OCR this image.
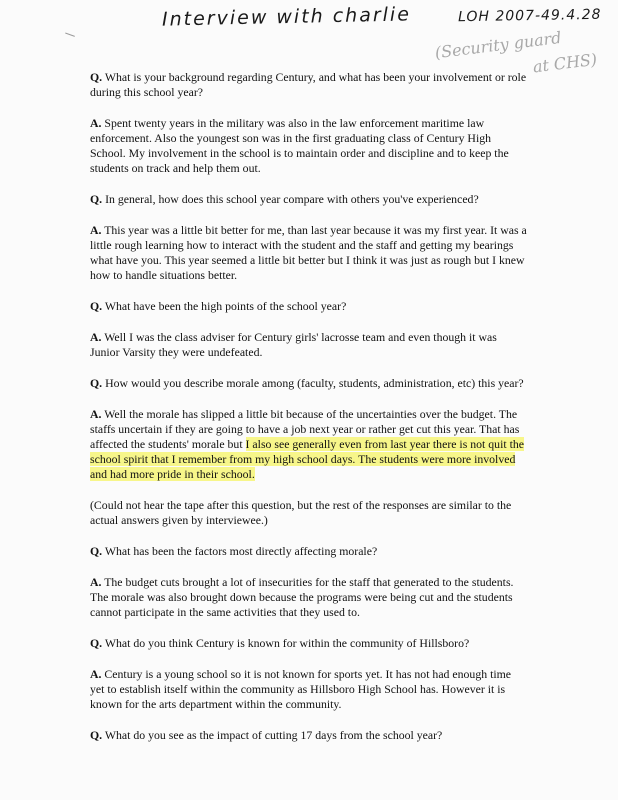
Interview with charlie	LOH 2007-49.4.28
(Security guard
at CHS)

Q. What is your background regarding Century, and what has been your involvement or role during this school year?

A. Spent twenty years in the military was also in the law enforcement maritime law enforcement. Also the youngest son was in the first graduating class of Century High School. My involvement in the school is to maintain order and discipline and to keep the students on track and help them out.

Q. In general, how does this school year compare with others you've experienced?

A. This year was a little bit better for me, than last year because it was my first year. It was a little rough learning how to interact with the student and the staff and getting my bearings what have you. This year seemed a little bit better but I think it was just as rough but I knew how to handle situations better.

Q. What have been the high points of the school year?

A. Well I was the class adviser for Century girls' lacrosse team and even though it was Junior Varsity they were undefeated.

Q. How would you describe morale among (faculty, students, administration, etc) this year?

A. Well the morale has slipped a little bit because of the uncertainties over the budget. The staffs uncertain if they are going to have a job next year or rather get cut this year. That has affected the students' morale but I also see generally even from last year there is not quit the school spirit that I remember from my high school days. The students were more involved and had more pride in their school.

(Could not hear the tape after this question, but the rest of the responses are similar to the actual answers given by interviewee.)

Q. What has been the factors most directly affecting morale?

A. The budget cuts brought a lot of insecurities for the staff that generated to the students. The morale was also brought down because the programs were being cut and the students cannot participate in the same activities that they used to.

Q. What do you think Century is known for within the community of Hillsboro?

A. Century is a young school so it is not known for sports yet. It has not had enough time yet to establish itself within the community as Hillsboro High School has. However it is known for the arts department within the community.

Q. What do you see as the impact of cutting 17 days from the school year?
